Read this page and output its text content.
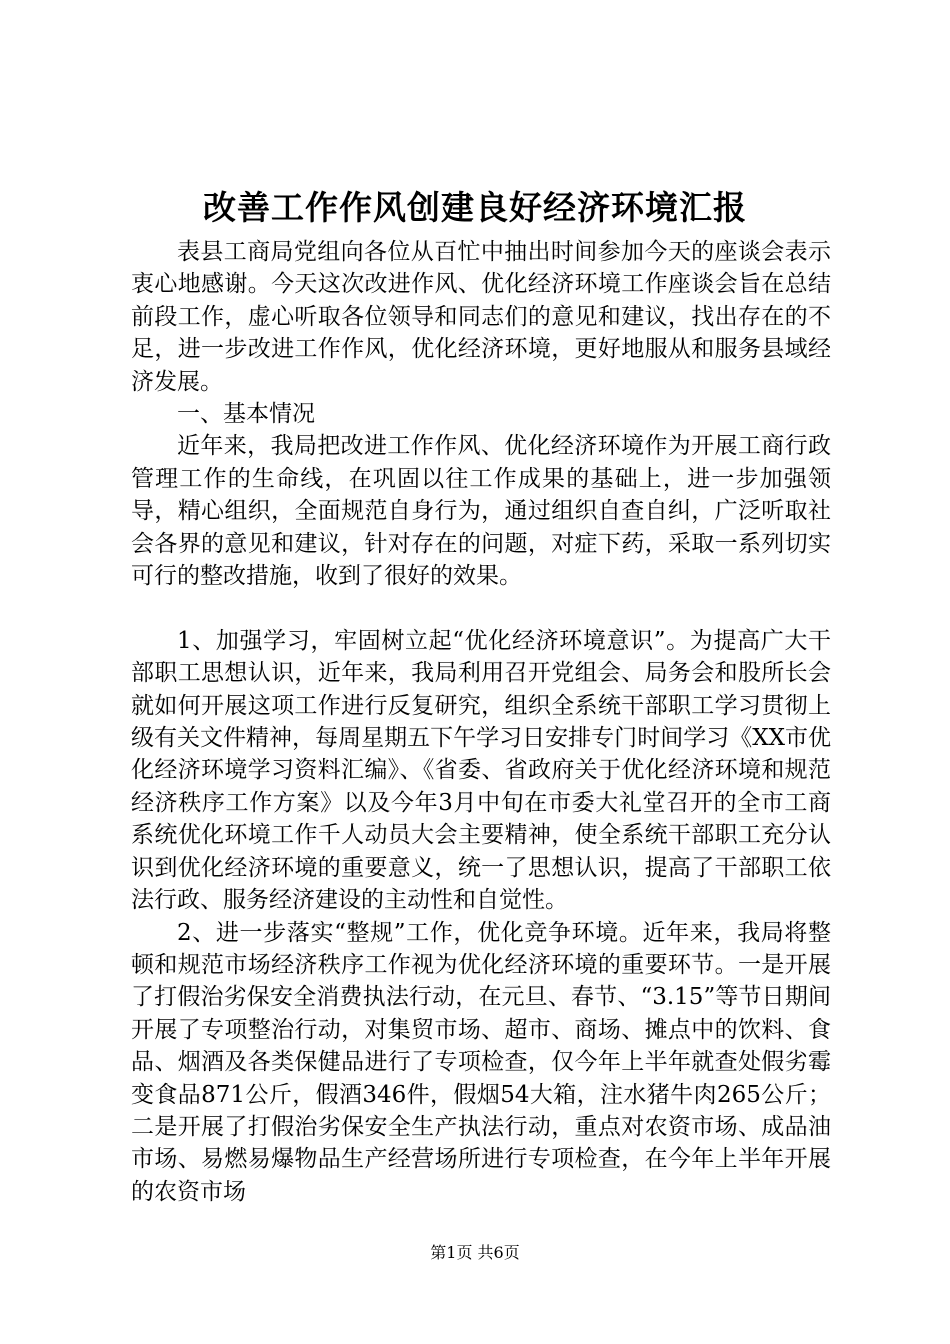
改善工作作风创建良好经济环境汇报

表县工商局党组向各位从百忙中抽出时间参加今天的座谈会表示衷心地感谢。今天这次改进作风、优化经济环境工作座谈会旨在总结前段工作，虚心听取各位领导和同志们的意见和建议，找出存在的不足，进一步改进工作作风，优化经济环境，更好地服从和服务县域经济发展。

一、基本情况

近年来，我局把改进工作作风、优化经济环境作为开展工商行政管理工作的生命线，在巩固以往工作成果的基础上，进一步加强领导，精心组织，全面规范自身行为，通过组织自查自纠，广泛听取社会各界的意见和建议，针对存在的问题，对症下药，采取一系列切实可行的整改措施，收到了很好的效果。

1、加强学习，牢固树立起“优化经济环境意识”。为提高广大干部职工思想认识，近年来，我局利用召开党组会、局务会和股所长会就如何开展这项工作进行反复研究，组织全系统干部职工学习贯彻上级有关文件精神，每周星期五下午学习日安排专门时间学习《XX市优化经济环境学习资料汇编》、《省委、省政府关于优化经济环境和规范经济秩序工作方案》以及今年3月中旬在市委大礼堂召开的全市工商系统优化环境工作千人动员大会主要精神，使全系统干部职工充分认识到优化经济环境的重要意义，统一了思想认识，提高了干部职工依法行政、服务经济建设的主动性和自觉性。

2、进一步落实“整规”工作，优化竞争环境。近年来，我局将整顿和规范市场经济秩序工作视为优化经济环境的重要环节。一是开展了打假治劣保安全消费执法行动，在元旦、春节、“3.15”等节日期间开展了专项整治行动，对集贸市场、超市、商场、摊点中的饮料、食品、烟酒及各类保健品进行了专项检查，仅今年上半年就查处假劣霉变食品871公斤，假酒346件，假烟54大箱，注水猪牛肉265公斤；二是开展了打假治劣保安全生产执法行动，重点对农资市场、成品油市场、易燃易爆物品生产经营场所进行专项检查，在今年上半年开展的农资市场

第1页 共6页
